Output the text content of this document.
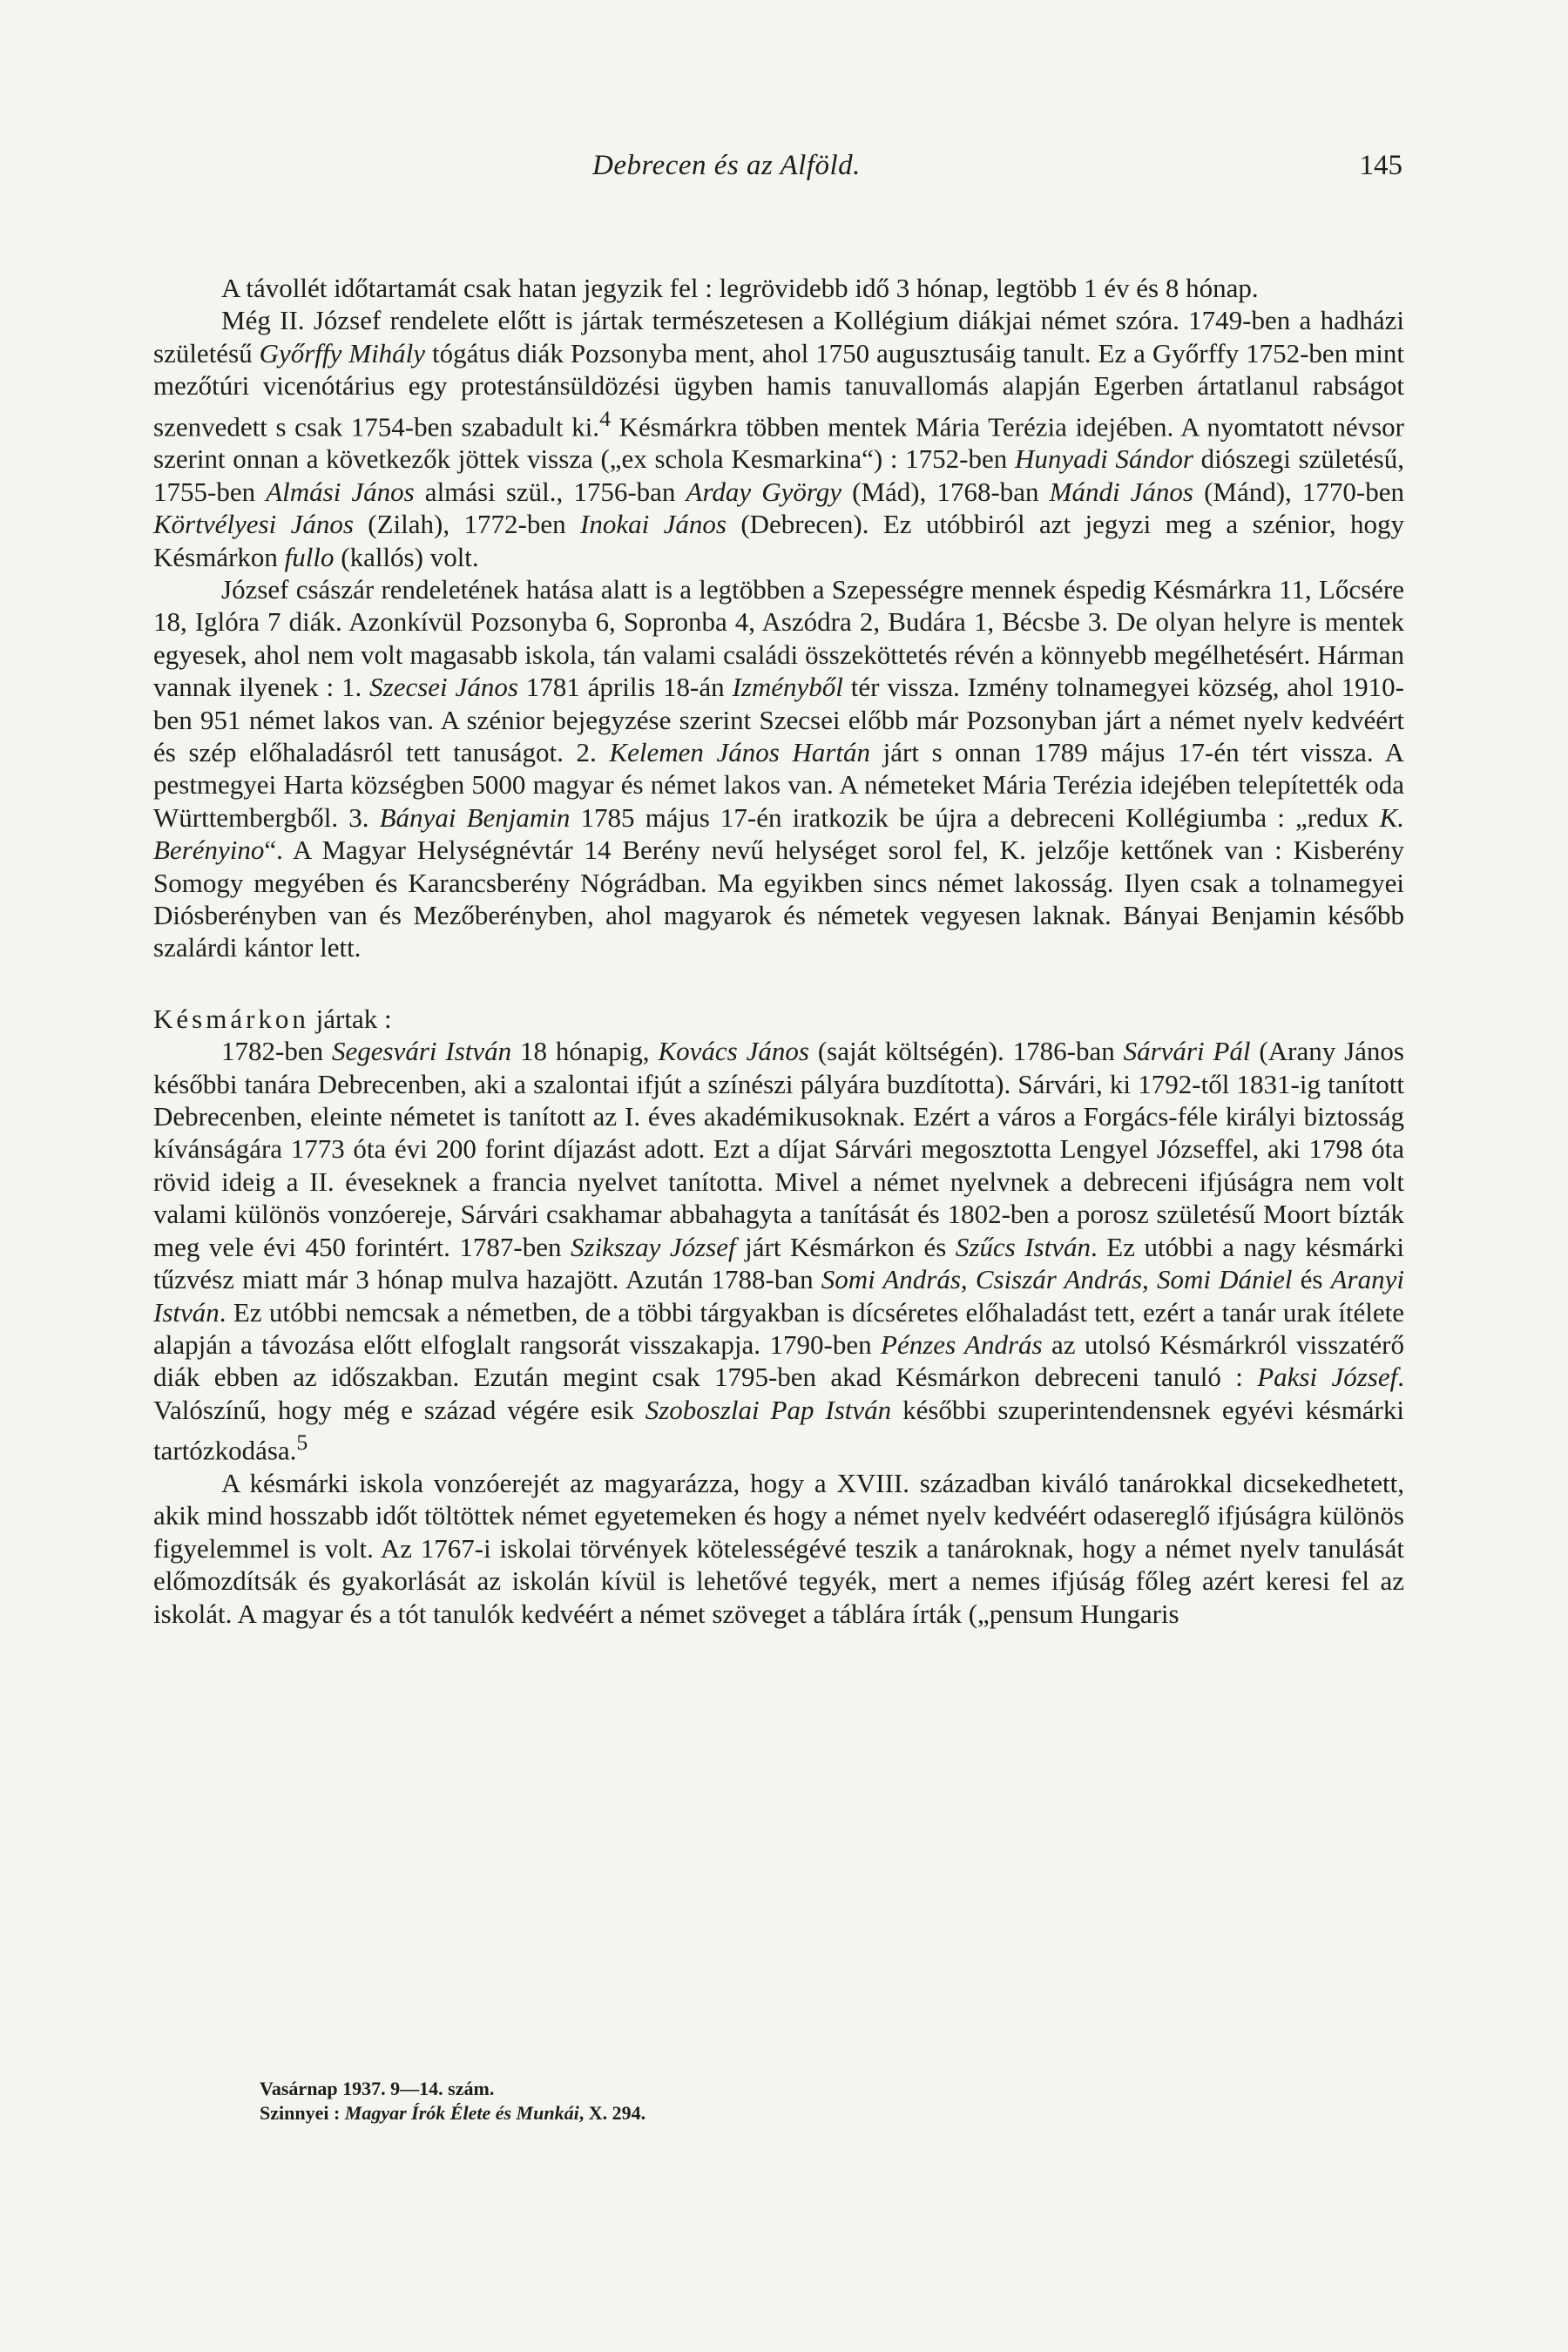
Debrecen és az Alföld.	145

A távollét időtartamát csak hatan jegyzik fel : legrövidebb idő 3 hónap, legtöbb 1 év és 8 hónap.

Még II. József rendelete előtt is jártak természetesen a Kollégium diákjai német szóra. 1749-ben a hadházi születésű Győrffy Mihály tógátus diák Pozsonyba ment, ahol 1750 augusztusáig tanult. Ez a Győrffy 1752-ben mint mezőtúri vicenótárius egy protestánsüldözési ügyben hamis tanuvallomás alapján Egerben ártatlanul rabságot szenvedett s csak 1754-ben szabadult ki.$^4$ Késmárkra többen mentek Mária Terézia idejében. A nyomtatott névsor szerint onnan a következők jöttek vissza („ex schola Kesmarkina“) : 1752-ben Hunyadi Sándor diószegi születésű, 1755-ben Almási János almási szül., 1756-ban Arday György (Mád), 1768-ban Mándi János (Mánd), 1770-ben Körtvélyesi János (Zilah), 1772-ben Inokai János (Debrecen). Ez utóbbiról azt jegyzi meg a szénior, hogy Késmárkon fullo (kallós) volt.

József császár rendeletének hatása alatt is a legtöbben a Szepességre mennek éspedig Késmárkra 11, Lőcsére 18, Iglóra 7 diák. Azonkívül Pozsonyba 6, Sopronba 4, Aszódra 2, Budára 1, Bécsbe 3. De olyan helyre is mentek egyesek, ahol nem volt magasabb iskola, tán valami családi összeköttetés révén a könnyebb megélhetésért. Hárman vannak ilyenek : 1. Szecsei János 1781 április 18-án Izményből tér vissza. Izmény tolnamegyei község, ahol 1910-ben 951 német lakos van. A szénior bejegyzése szerint Szecsei előbb már Pozsonyban járt a német nyelv kedvéért és szép előhaladásról tett tanuságot. 2. Kelemen János Hartán járt s onnan 1789 május 17-én tért vissza. A pestmegyei Harta községben 5000 magyar és német lakos van. A németeket Mária Terézia idejében telepítették oda Württembergből. 3. Bányai Benjamin 1785 május 17-én iratkozik be újra a debreceni Kollégiumba : „redux K. Berényino“. A Magyar Helységnévtár 14 Berény nevű helységet sorol fel, K. jelzője kettőnek van : Kisberény Somogy megyében és Karancsberény Nógrádban. Ma egyikben sincs német lakosság. Ilyen csak a tolnamegyei Diósberényben van és Mezőberényben, ahol magyarok és németek vegyesen laknak. Bányai Benjamin később szalárdi kántor lett.

Késmárkon jártak :

1782-ben Segesvári István 18 hónapig, Kovács János (saját költségén). 1786-ban Sárvári Pál (Arany János későbbi tanára Debrecenben, aki a szalontai ifjút a színészi pályára buzdította). Sárvári, ki 1792-től 1831-ig tanított Debrecenben, eleinte németet is tanított az I. éves akadémikusoknak. Ezért a város a Forgács-féle királyi biztosság kívánságára 1773 óta évi 200 forint díjazást adott. Ezt a díjat Sárvári megosztotta Lengyel Józseffel, aki 1798 óta rövid ideig a II. éveseknek a francia nyelvet tanította. Mivel a német nyelvnek a debreceni ifjúságra nem volt valami különös vonzóereje, Sárvári csakhamar abbahagyta a tanítását és 1802-ben a porosz születésű Moort bízták meg vele évi 450 forintért. 1787-ben Szikszay József járt Késmárkon és Szűcs István. Ez utóbbi a nagy késmárki tűzvész miatt már 3 hónap mulva hazajött. Azután 1788-ban Somi András, Csiszár András, Somi Dániel és Aranyi István. Ez utóbbi nemcsak a németben, de a többi tárgyakban is dícséretes előhaladást tett, ezért a tanár urak ítélete alapján a távozása előtt elfoglalt rangsorát visszakapja. 1790-ben Pénzes András az utolsó Késmárkról visszatérő diák ebben az időszakban. Ezután megint csak 1795-ben akad Késmárkon debreceni tanuló : Paksi József. Valószínű, hogy még e század végére esik Szoboszlai Pap István későbbi szuperintendensnek egyévi késmárki tartózkodása.$^5$

A késmárki iskola vonzóerejét az magyarázza, hogy a XVIII. században kiváló tanárokkal dicsekedhetett, akik mind hosszabb időt töltöttek német egyetemeken és hogy a német nyelv kedvéért odasereglő ifjúságra különös figyelemmel is volt. Az 1767-i iskolai törvények kötelességévé teszik a tanároknak, hogy a német nyelv tanulását előmozdítsák és gyakorlását az iskolán kívül is lehetővé tegyék, mert a nemes ifjúság főleg azért keresi fel az iskolát. A magyar és a tót tanulók kedvéért a német szöveget a táblára írták („pensum Hungaris

Vasárnap 1937. 9—14. szám.

Szinnyei : Magyar Írók Élete és Munkái, X. 294.
